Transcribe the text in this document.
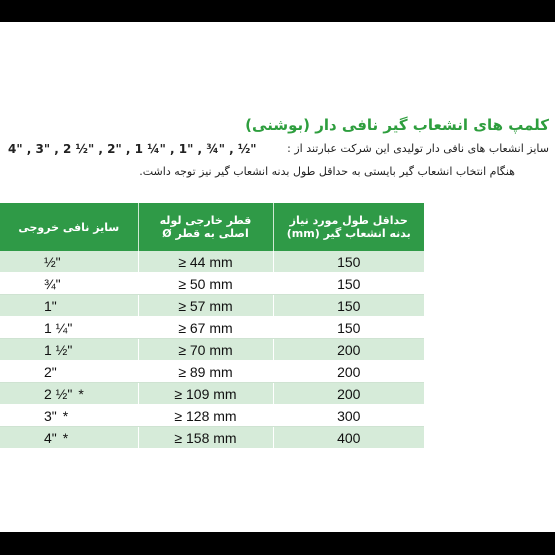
کلمپ های انشعاب گیر نافی دار (بوشنی)
سایز انشعاب های نافی دار تولیدی این شرکت عبارتند از :
4" , 3" , 2 ½" , 2" , 1 ¼" , 1" , ¾" , ½"
هنگام انتخاب انشعاب گیر بایستی به حداقل طول بدنه انشعاب گیر نیز توجه داشت.
سایز نافی خروجی	قطر خارجی لوله اصلی به قطر Ø	حداقل طول مورد نیاز بدنه انشعاب گیر (mm)
½"	≥ 44 mm	150
¾"	≥ 50 mm	150
1"	≥ 57 mm	150
1 ¼"	≥ 67 mm	150
1 ½"	≥ 70 mm	200
2"	≥ 89 mm	200
2 ½" *	≥ 109 mm	200
3" *	≥ 128 mm	300
4" *	≥ 158 mm	400
